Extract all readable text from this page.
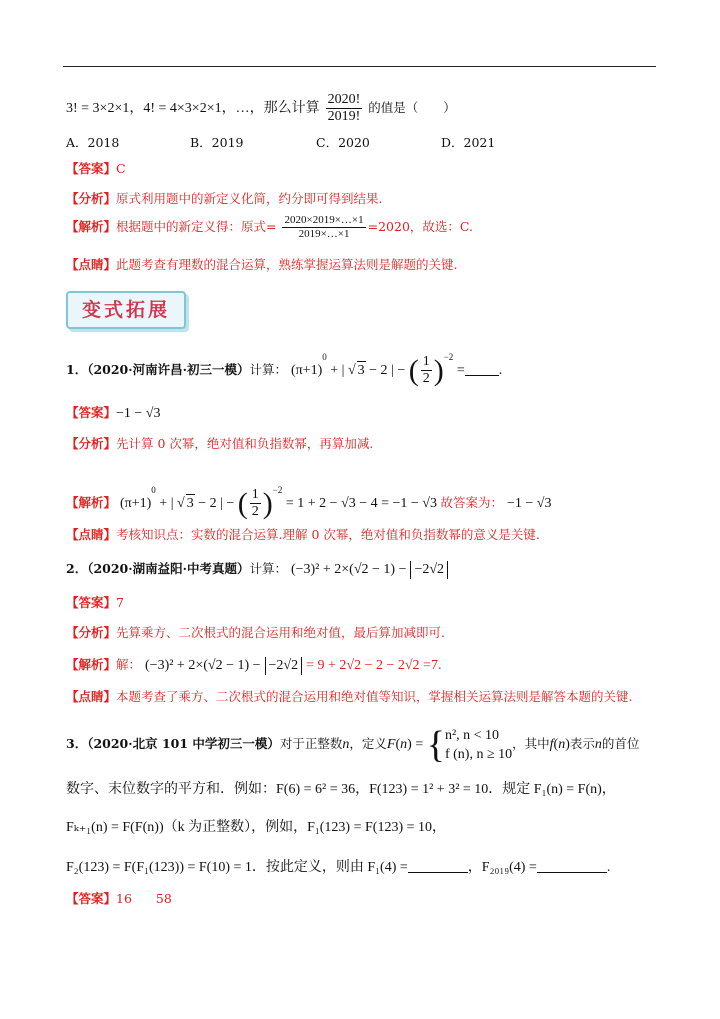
3! = 3×2×1，4! = 4×3×2×1，…，那么计算 $\frac{2020!}{2019!}$ 的值是（　　）
A．2018	B．2019	C．2020	D．2021
【答案】C
【分析】原式利用题中的新定义化简，约分即可得到结果.
【解析】根据题中的新定义得：原式= $\frac{2020\times 2019\times\dots\times 1}{2019\times\dots\times 1} =2020$，故选：C.
【点睛】此题考查有理数的混合运算，熟练掌握运算法则是解题的关键.
变式拓展
1．（2020·河南许昌·初三一模）计算： $(\pi+1)^0$ + | √ 3 − 2 | − ( $\frac{1}{2} )^{-2}$ = .
【答案】−1 − √3
【分析】先计算 0 次幂，绝对值和负指数幂，再算加减.
【解析】 $(\pi+1)^0$ + | √ 3 − 2 | − ( $\frac{1}{2} )^{-2} = 1 + 2 - √3 - 4 = -1 - √3$ 故答案为： −1 − √3
【点睛】考核知识点：实数的混合运算.理解 0 次幂，绝对值和负指数幂的意义是关键.
2．（2020·湖南益阳·中考真题）计算： (−3)² + 2×(√2 − 1) − −2√2
【答案】7
【分析】先算乘方、二次根式的混合运用和绝对值，最后算加减即可.
【解析】解： (−3)² + 2×(√2 − 1) − −2√2 = 9 + 2√2 − 2 − 2√2 =7.
【点睛】本题考查了乘方、二次根式的混合运用和绝对值等知识，掌握相关运算法则是解答本题的关键.
3．（2020·北京 101 中学初三一模）对于正整数n，定义F(n) = { n², n < 10
f (n), n ≥ 10
，其中f(n)表示n的首位
数字、末位数字的平方和．例如：F(6) = 6² = 36，F(123) = 1² + 3² = 10．规定 F₁(n) = F(n)，
Fₖ₊₁(n) = F(F(n))（k 为正整数），例如，F₁(123) = F(123) = 10，
F₂(123) = F(F₁(123)) = F(10) = 1．按此定义，则由 F₁(4) =	，F₂₀₁₉(4) =	.
【答案】16 58
